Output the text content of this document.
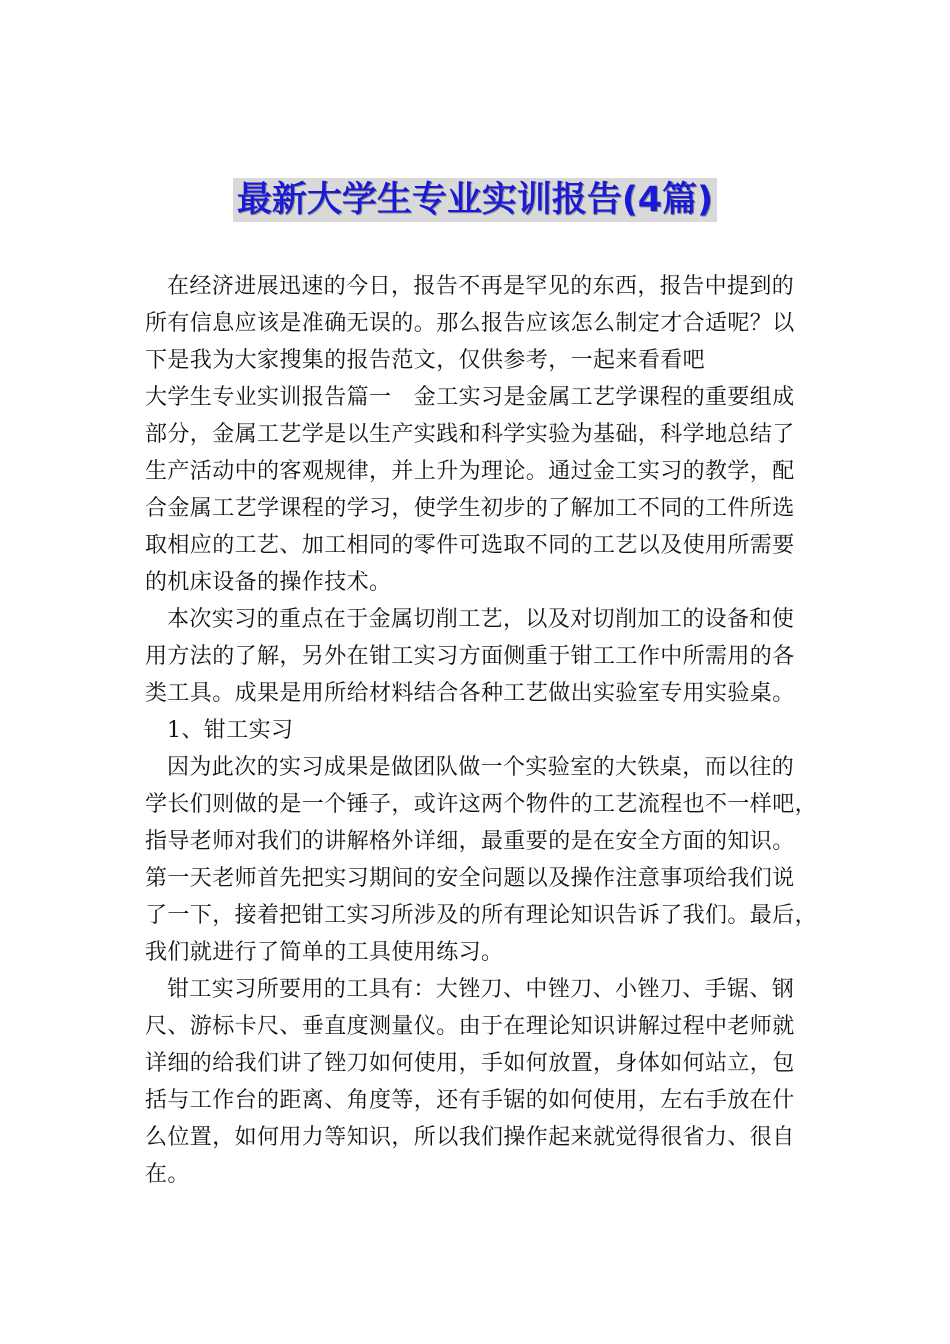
最新大学生专业实训报告(4篇)
在经济进展迅速的今日，报告不再是罕见的东西，报告中提到的
所有信息应该是准确无误的。那么报告应该怎么制定才合适呢？以
下是我为大家搜集的报告范文，仅供参考，一起来看看吧
大学生专业实训报告篇一　金工实习是金属工艺学课程的重要组成
部分，金属工艺学是以生产实践和科学实验为基础，科学地总结了
生产活动中的客观规律，并上升为理论。通过金工实习的教学，配
合金属工艺学课程的学习，使学生初步的了解加工不同的工件所选
取相应的工艺、加工相同的零件可选取不同的工艺以及使用所需要
的机床设备的操作技术。
本次实习的重点在于金属切削工艺，以及对切削加工的设备和使
用方法的了解，另外在钳工实习方面侧重于钳工工作中所需用的各
类工具。成果是用所给材料结合各种工艺做出实验室专用实验桌。
1、钳工实习
因为此次的实习成果是做团队做一个实验室的大铁桌，而以往的
学长们则做的是一个锤子，或许这两个物件的工艺流程也不一样吧，
指导老师对我们的讲解格外详细，最重要的是在安全方面的知识。
第一天老师首先把实习期间的安全问题以及操作注意事项给我们说
了一下，接着把钳工实习所涉及的所有理论知识告诉了我们。最后，
我们就进行了简单的工具使用练习。
钳工实习所要用的工具有：大锉刀、中锉刀、小锉刀、手锯、钢
尺、游标卡尺、垂直度测量仪。由于在理论知识讲解过程中老师就
详细的给我们讲了锉刀如何使用，手如何放置，身体如何站立，包
括与工作台的距离、角度等，还有手锯的如何使用，左右手放在什
么位置，如何用力等知识，所以我们操作起来就觉得很省力、很自
在。
